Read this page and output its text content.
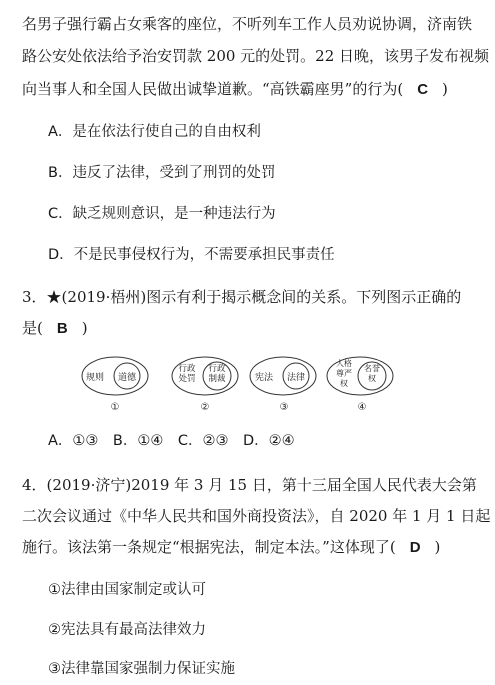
名男子强行霸占女乘客的座位，不听列车工作人员劝说协调，济南铁
路公安处依法给予治安罚款 200 元的处罚。22 日晚，该男子发布视频
向当事人和全国人民做出诚挚道歉。“高铁霸座男”的行为( C )
A．是在依法行使自己的自由权利
B．违反了法律，受到了刑罚的处罚
C．缺乏规则意识，是一种违法行为
D．不是民事侵权行为，不需要承担民事责任
3．★(2019·梧州)图示有利于揭示概念间的关系。下列图示正确的
是( B )
规则 道德
①
行政处罚
行政制裁
②
宪法 法律
③
人格尊严权
名誉权
④
A．①③　B．①④　C．②③　D．②④
4．(2019·济宁)2019 年 3 月 15 日，第十三届全国人民代表大会第
二次会议通过《中华人民共和国外商投资法》，自 2020 年 1 月 1 日起
施行。该法第一条规定“根据宪法，制定本法。”这体现了( D )
①法律由国家制定或认可
②宪法具有最高法律效力
③法律靠国家强制力保证实施
